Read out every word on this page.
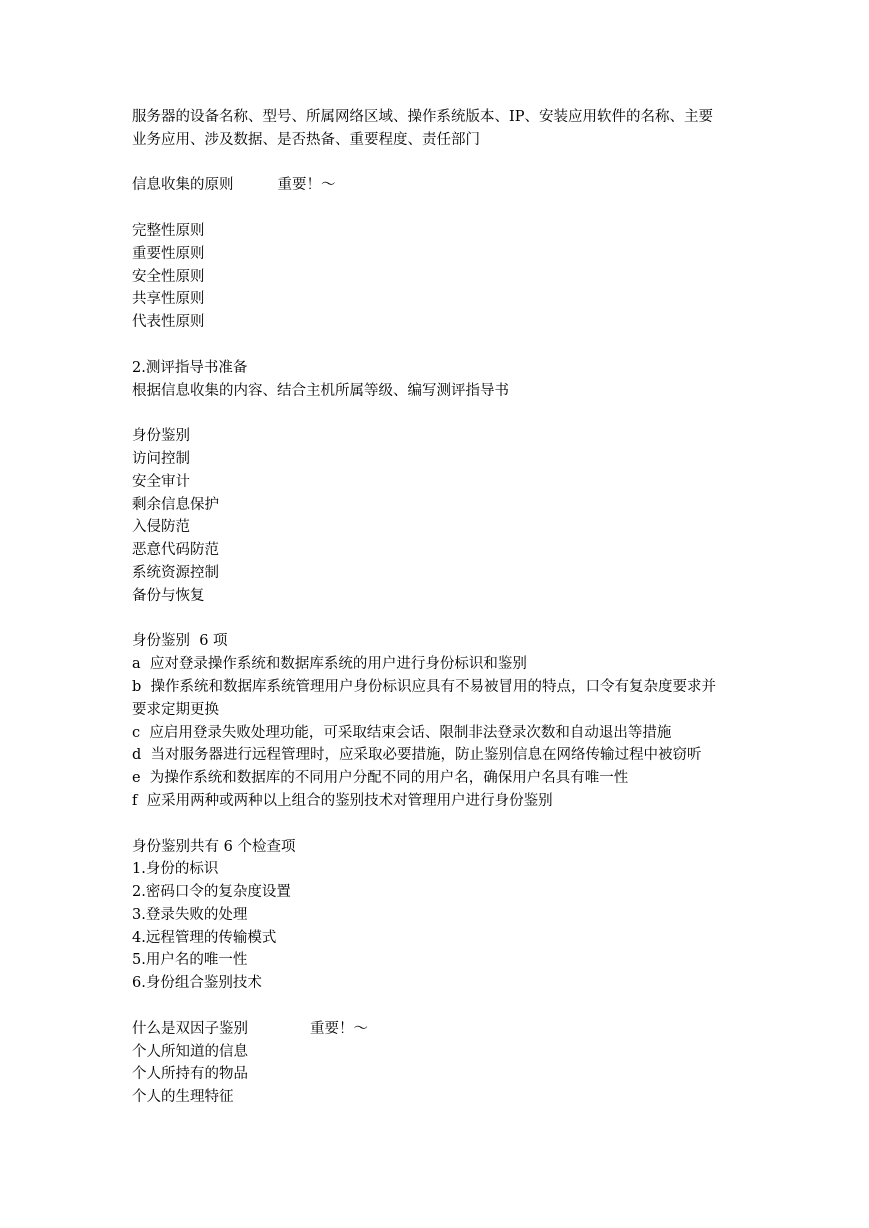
服务器的设备名称、型号、所属网络区域、操作系统版本、IP、安装应用软件的名称、主要
业务应用、涉及数据、是否热备、重要程度、责任部门
信息收集的原则	重要！～
完整性原则
重要性原则
安全性原则
共享性原则
代表性原则
2.测评指导书准备
根据信息收集的内容、结合主机所属等级、编写测评指导书
身份鉴别
访问控制
安全审计
剩余信息保护
入侵防范
恶意代码防范
系统资源控制
备份与恢复
身份鉴别  6 项
a  应对登录操作系统和数据库系统的用户进行身份标识和鉴别
b  操作系统和数据库系统管理用户身份标识应具有不易被冒用的特点，口令有复杂度要求并
要求定期更换
c  应启用登录失败处理功能，可采取结束会话、限制非法登录次数和自动退出等措施
d  当对服务器进行远程管理时，应采取必要措施，防止鉴别信息在网络传输过程中被窃听
e  为操作系统和数据库的不同用户分配不同的用户名，确保用户名具有唯一性
f  应采用两种或两种以上组合的鉴别技术对管理用户进行身份鉴别
身份鉴别共有 6 个检查项
1.身份的标识
2.密码口令的复杂度设置
3.登录失败的处理
4.远程管理的传输模式
5.用户名的唯一性
6.身份组合鉴别技术
什么是双因子鉴别	重要！～
个人所知道的信息
个人所持有的物品
个人的生理特征
